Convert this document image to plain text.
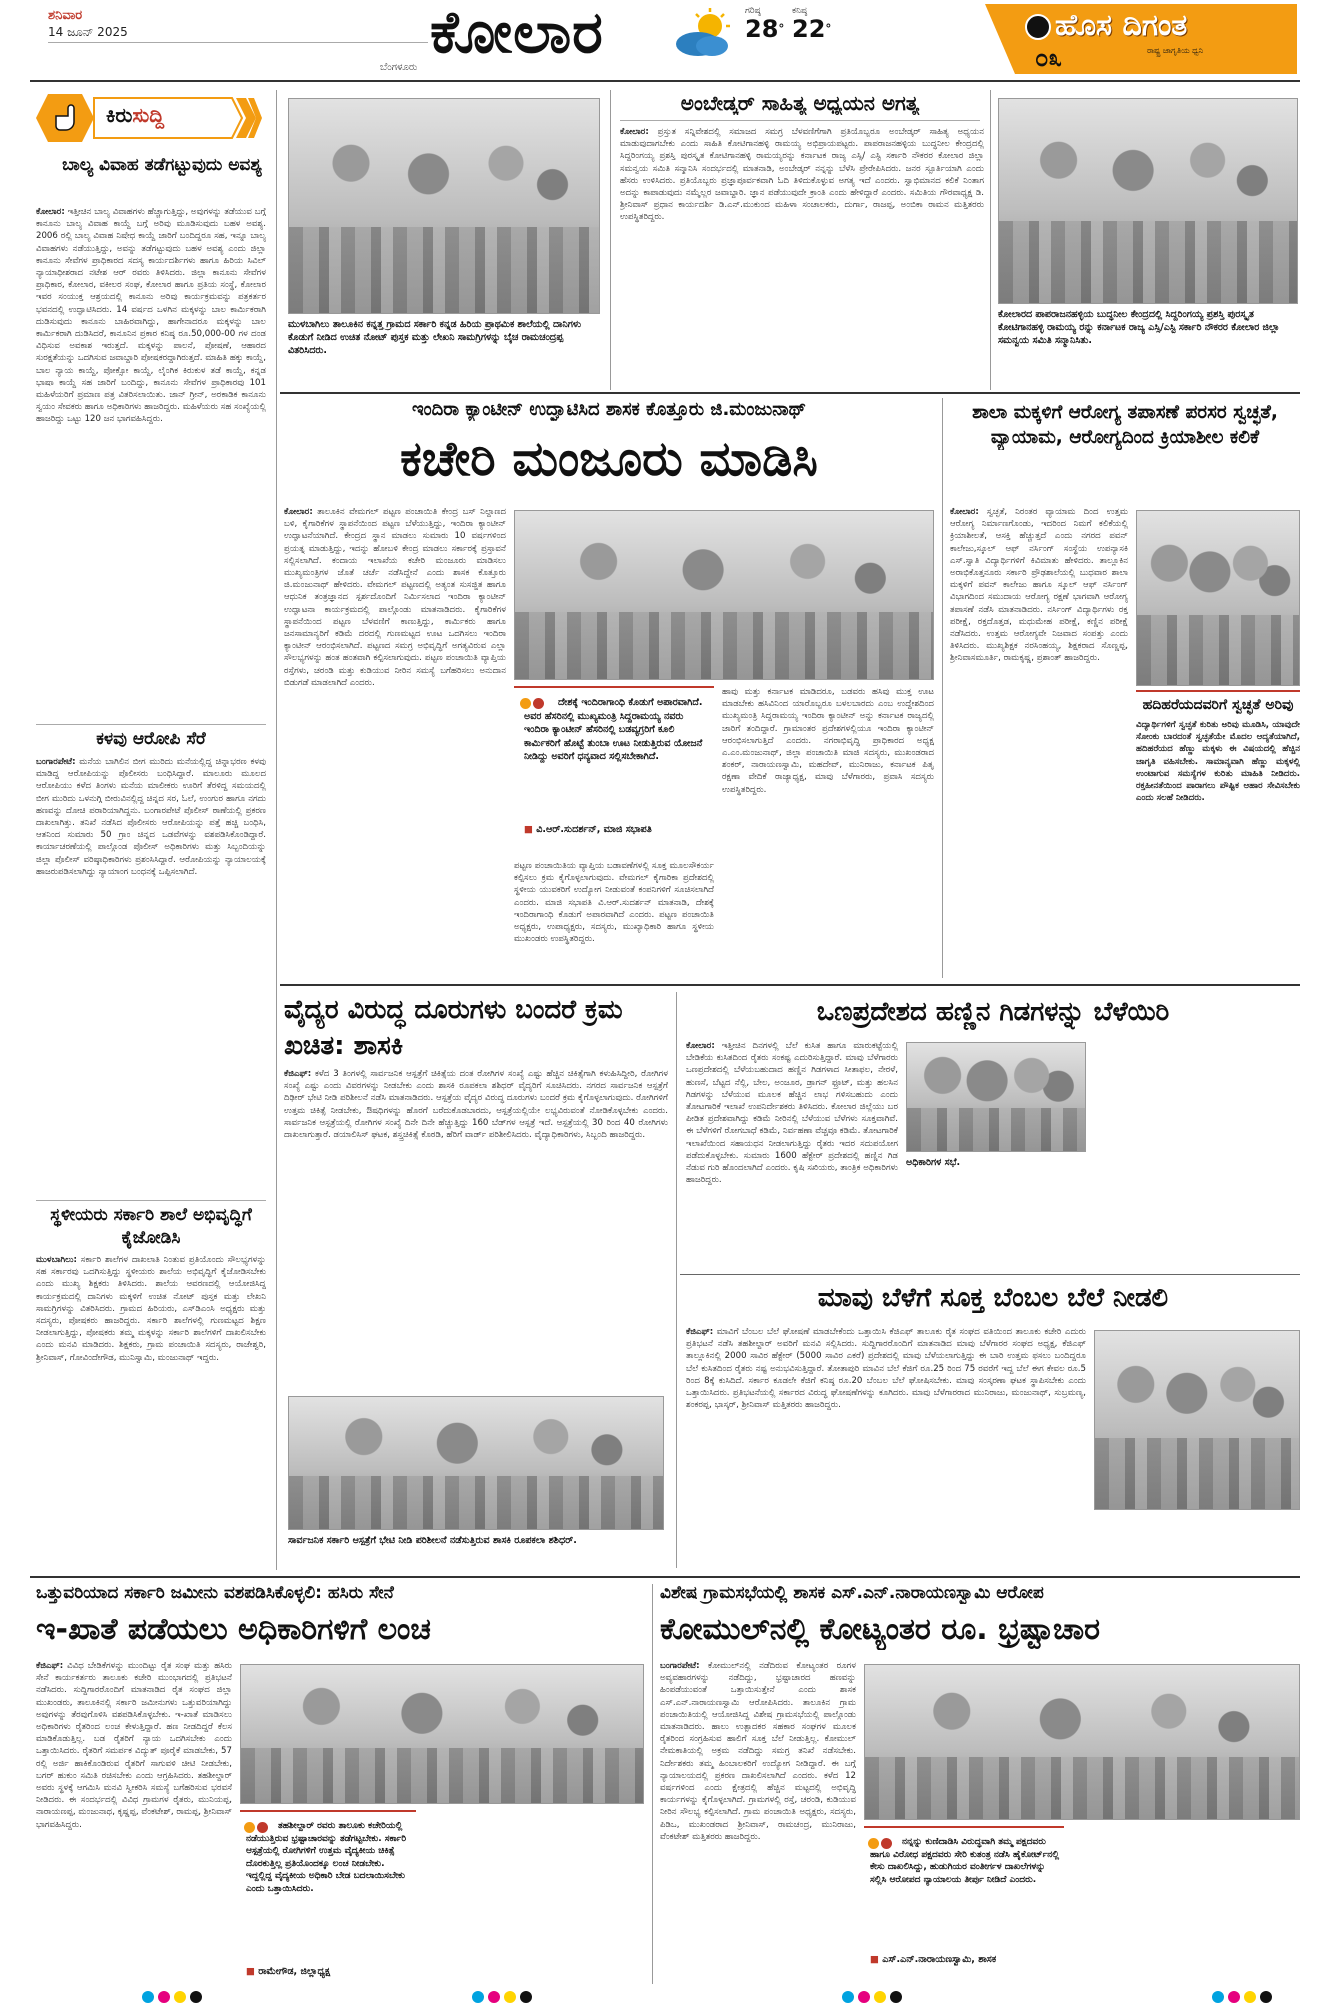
ಶನಿವಾರ
14 ಜೂನ್ 2025
ಬೆಂಗಳೂರು
ಕೋಲಾರ	ಗರಿಷ್ಠ
28°
ಕನಿಷ್ಠ
22°	ಹೊಸ ದಿಗಂತ
ರಾಷ್ಟ್ರ ಜಾಗೃತಿಯ ಧ್ವನಿ
೦೩
ಕಿರುಸುದ್ದಿ
ಬಾಲ್ಯ ವಿವಾಹ ತಡೆಗಟ್ಟುವುದು ಅವಶ್ಯ
ಕೋಲಾರ: ಇತ್ತೀಚಿನ ಬಾಲ್ಯ ವಿವಾಹಗಳು ಹೆಚ್ಚಾಗುತ್ತಿದ್ದು, ಅವುಗಳನ್ನು ತಡೆಯುವ ಬಗ್ಗೆ ಕಾನೂನು ಬಾಲ್ಯ ವಿವಾಹ ಕಾಯ್ದೆ ಬಗ್ಗೆ ಅರಿವು ಮೂಡಿಸುವುದು ಬಹಳ ಅವಶ್ಯ. 2006 ರಲ್ಲಿ ಬಾಲ್ಯ ವಿವಾಹ ನಿಷೇಧ ಕಾಯ್ದೆ ಜಾರಿಗೆ ಬಂದಿದ್ದರೂ ಸಹ, ಇನ್ನೂ ಬಾಲ್ಯ ವಿವಾಹಗಳು ನಡೆಯುತ್ತಿದ್ದು, ಅವನ್ನು ತಡೆಗಟ್ಟುವುದು ಬಹಳ ಅವಶ್ಯ ಎಂದು ಜಿಲ್ಲಾ ಕಾನೂನು ಸೇವೆಗಳ ಪ್ರಾಧಿಕಾರದ ಸದಸ್ಯ ಕಾರ್ಯದರ್ಶಿಗಳು ಹಾಗೂ ಹಿರಿಯ ಸಿವಿಲ್ ನ್ಯಾಯಾಧೀಶರಾದ ನಟೇಶ ಆರ್ ರವರು ತಿಳಿಸಿದರು. ಜಿಲ್ಲಾ ಕಾನೂನು ಸೇವೆಗಳ ಪ್ರಾಧಿಕಾರ, ಕೋಲಾರ, ವಕೀಲರ ಸಂಘ, ಕೋಲಾರ ಹಾಗೂ ಪ್ರತಿಯ ಸಂಸ್ಥೆ, ಕೋಲಾರ ಇವರ ಸಂಯುಕ್ತ ಆಶ್ರಯದಲ್ಲಿ ಕಾನೂನು ಅರಿವು ಕಾರ್ಯಕ್ರಮವನ್ನು ಪತ್ರಕರ್ತರ ಭವನದಲ್ಲಿ ಉದ್ಘಾಟಿಸಿದರು. 14 ವರ್ಷದ ಒಳಗಿನ ಮಕ್ಕಳನ್ನು ಬಾಲ ಕಾರ್ಮಿಕರಾಗಿ ದುಡಿಸುವುದು ಕಾನೂನು ಬಾಹಿರವಾಗಿದ್ದು, ಹಾಗೇನಾದರೂ ಮಕ್ಕಳನ್ನು ಬಾಲ ಕಾರ್ಮಿಕರಾಗಿ ದುಡಿಸಿದರೆ, ಕಾನೂನಿನ ಪ್ರಕಾರ ಕನಿಷ್ಠ ರೂ.50,000-00 ಗಳ ದಂಡ ವಿಧಿಸುವ ಅವಕಾಶ ಇರುತ್ತದೆ. ಮಕ್ಕಳನ್ನು ಪಾಲನೆ, ಪೋಷಣೆ, ಆಹಾರದ ಸುರಕ್ಷತೆಯನ್ನು ಒದಗಿಸುವ ಜವಾಬ್ದಾರಿ ಪೋಷಕರದ್ದಾಗಿರುತ್ತದೆ. ಮಾಹಿತಿ ಹಕ್ಕು ಕಾಯ್ದೆ, ಬಾಲ ನ್ಯಾಯ ಕಾಯ್ದೆ, ಪೋಕ್ಸೋ ಕಾಯ್ದೆ, ಲೈಂಗಿಕ ಕಿರುಕುಳ ತಡೆ ಕಾಯ್ದೆ, ಕನ್ನಡ ಭಾಷಾ ಕಾಯ್ದೆ ಸಹ ಜಾರಿಗೆ ಬಂದಿದ್ದು, ಕಾನೂನು ಸೇವೆಗಳ ಪ್ರಾಧಿಕಾರವು 101 ಮಹಿಳೆಯರಿಗೆ ಪ್ರಮಾಣ ಪತ್ರ ವಿತರಿಸಲಾಯಿತು. ಜಾನ್ ಗ್ರೀನ್, ಅರಕಾಡಿಕ ಕಾನೂನು ಸ್ವಯಂ ಸೇವಕರು ಹಾಗೂ ಅಧಿಕಾರಿಗಳು ಹಾಜರಿದ್ದರು. ಮಹಿಳೆಯರು ಸಹ ಸಂಖ್ಯೆಯಲ್ಲಿ ಹಾಜರಿದ್ದು ಒಟ್ಟು 120 ಜನ ಭಾಗವಹಿಸಿದ್ದರು.
ಕಳವು ಆರೋಪಿ ಸೆರೆ
ಬಂಗಾರಪೇಟೆ: ಮನೆಯ ಬಾಗಿಲಿನ ಬೀಗ ಮುರಿದು ಮನೆಯಲ್ಲಿದ್ದ ಚಿನ್ನಾಭರಣ ಕಳವು ಮಾಡಿದ್ದ ಆರೋಪಿಯನ್ನು ಪೊಲೀಸರು ಬಂಧಿಸಿದ್ದಾರೆ. ಮಾಲೂರು ಮೂಲದ ಆರೋಪಿಯು ಕಳೆದ ತಿಂಗಳು ಮನೆಯ ಮಾಲೀಕರು ಊರಿಗೆ ತೆರಳಿದ್ದ ಸಮಯದಲ್ಲಿ ಬೀಗ ಮುರಿದು ಒಳನುಗ್ಗಿ ಬೀರುವಿನಲ್ಲಿದ್ದ ಚಿನ್ನದ ಸರ, ಓಲೆ, ಉಂಗುರ ಹಾಗೂ ನಗದು ಹಣವನ್ನು ದೋಚಿ ಪರಾರಿಯಾಗಿದ್ದನು. ಬಂಗಾರಪೇಟೆ ಪೊಲೀಸ್ ಠಾಣೆಯಲ್ಲಿ ಪ್ರಕರಣ ದಾಖಲಾಗಿತ್ತು. ತನಿಖೆ ನಡೆಸಿದ ಪೊಲೀಸರು ಆರೋಪಿಯನ್ನು ಪತ್ತೆ ಹಚ್ಚಿ ಬಂಧಿಸಿ, ಆತನಿಂದ ಸುಮಾರು 50 ಗ್ರಾಂ ಚಿನ್ನದ ಒಡವೆಗಳನ್ನು ವಶಪಡಿಸಿಕೊಂಡಿದ್ದಾರೆ. ಕಾರ್ಯಾಚರಣೆಯಲ್ಲಿ ಪಾಲ್ಗೊಂಡ ಪೊಲೀಸ್ ಅಧಿಕಾರಿಗಳು ಮತ್ತು ಸಿಬ್ಬಂದಿಯನ್ನು ಜಿಲ್ಲಾ ಪೊಲೀಸ್ ವರಿಷ್ಠಾಧಿಕಾರಿಗಳು ಪ್ರಶಂಸಿಸಿದ್ದಾರೆ. ಆರೋಪಿಯನ್ನು ನ್ಯಾಯಾಲಯಕ್ಕೆ ಹಾಜರುಪಡಿಸಲಾಗಿದ್ದು ನ್ಯಾಯಾಂಗ ಬಂಧನಕ್ಕೆ ಒಪ್ಪಿಸಲಾಗಿದೆ.
ಸ್ಥಳೀಯರು ಸರ್ಕಾರಿ ಶಾಲೆ ಅಭಿವೃದ್ಧಿಗೆ ಕೈಜೋಡಿಸಿ
ಮುಳಬಾಗಿಲು: ಸರ್ಕಾರಿ ಶಾಲೆಗಳ ದಾಖಲಾತಿ ನಿಂತುವ ಪ್ರತಿಯೊಂದು ಸೌಲಭ್ಯಗಳನ್ನು ಸಹ ಸರ್ಕಾರವು ಒದಗಿಸುತ್ತಿದ್ದು ಸ್ಥಳೀಯರು ಶಾಲೆಯ ಅಭಿವೃದ್ಧಿಗೆ ಕೈಜೋಡಿಸಬೇಕು ಎಂದು ಮುಖ್ಯ ಶಿಕ್ಷಕರು ತಿಳಿಸಿದರು. ಶಾಲೆಯ ಆವರಣದಲ್ಲಿ ಆಯೋಜಿಸಿದ್ದ ಕಾರ್ಯಕ್ರಮದಲ್ಲಿ ದಾನಿಗಳು ಮಕ್ಕಳಿಗೆ ಉಚಿತ ನೋಟ್ ಪುಸ್ತಕ ಮತ್ತು ಲೇಖನಿ ಸಾಮಗ್ರಿಗಳನ್ನು ವಿತರಿಸಿದರು. ಗ್ರಾಮದ ಹಿರಿಯರು, ಎಸ್‌ಡಿಎಂಸಿ ಅಧ್ಯಕ್ಷರು ಮತ್ತು ಸದಸ್ಯರು, ಪೋಷಕರು ಹಾಜರಿದ್ದರು. ಸರ್ಕಾರಿ ಶಾಲೆಗಳಲ್ಲಿ ಗುಣಮಟ್ಟದ ಶಿಕ್ಷಣ ನೀಡಲಾಗುತ್ತಿದ್ದು, ಪೋಷಕರು ತಮ್ಮ ಮಕ್ಕಳನ್ನು ಸರ್ಕಾರಿ ಶಾಲೆಗಳಿಗೆ ದಾಖಲಿಸಬೇಕು ಎಂದು ಮನವಿ ಮಾಡಿದರು. ಶಿಕ್ಷಕರು, ಗ್ರಾಮ ಪಂಚಾಯಿತಿ ಸದಸ್ಯರು, ರಾಜೇಶ್ವರಿ, ಶ್ರೀನಿವಾಸ್, ಗೋವಿಂದೇಗೌಡ, ಮುನಿಸ್ವಾಮಿ, ಮಂಜುನಾಥ್ ಇದ್ದರು.
ಮುಳಬಾಗಿಲು ತಾಲೂಕಿನ ಕನ್ನತ್ತ ಗ್ರಾಮದ ಸರ್ಕಾರಿ ಕನ್ನಡ ಹಿರಿಯ ಪ್ರಾಥಮಿಕ ಶಾಲೆಯಲ್ಲಿ ದಾನಿಗಳು ಕೊಡುಗೆ ನೀಡಿದ ಉಚಿತ ನೋಟ್ ಪುಸ್ತಕ ಮತ್ತು ಲೇಖನಿ ಸಾಮಗ್ರಿಗಳನ್ನು ಬೈಚ ರಾಮಚಂದ್ರಪ್ಪ ವಿತರಿಸಿದರು.
ಅಂಬೇಡ್ಕರ್ ಸಾಹಿತ್ಯ ಅಧ್ಯಯನ ಅಗತ್ಯ
ಕೋಲಾರ: ಪ್ರಸ್ತುತ ಸನ್ನಿವೇಶದಲ್ಲಿ ಸಮಾಜದ ಸಮಗ್ರ ಬೆಳವಣಿಗೆಗಾಗಿ ಪ್ರತಿಯೊಬ್ಬರೂ ಅಂಬೇಡ್ಕರ್ ಸಾಹಿತ್ಯ ಅಧ್ಯಯನ ಮಾಡುವುದಾಗಬೇಕು ಎಂದು ಸಾಹಿತಿ ಕೋಟಿಗಾನಹಳ್ಳಿ ರಾಮಯ್ಯ ಅಭಿಪ್ರಾಯಪಟ್ಟರು. ಪಾಪರಾಜನಹಳ್ಳಿಯ ಬುದ್ಧನೀಲ ಕೇಂದ್ರದಲ್ಲಿ ಸಿದ್ದರಿಂಗಯ್ಯ ಪ್ರಶಸ್ತಿ ಪುರಸ್ಕೃತ ಕೋಟಿಗಾನಹಳ್ಳಿ ರಾಮಯ್ಯರನ್ನು ಕರ್ನಾಟಕ ರಾಜ್ಯ ಎಸ್ಸಿ/ ಎಸ್ಟಿ ಸರ್ಕಾರಿ ನೌಕರರ ಕೋಲಾರ ಜಿಲ್ಲಾ ಸಮನ್ವಯ ಸಮಿತಿ ಸನ್ಮಾನಿಸಿ ಸಂದರ್ಭದಲ್ಲಿ ಮಾತನಾಡಿ, ಅಂಬೇಡ್ಕರ್ ನನ್ನನ್ನು ಬೆಳೆಸಿ ಪ್ರೇರೇಪಿಸಿದರು. ಜನರ ಸ್ಪೂರ್ತಿಯಾಗಿ ಎಂದು ಹೆಸರು ಉಳಿಸಿದರು. ಪ್ರತಿಯೊಬ್ಬರು ಪ್ರಜ್ಞಾಪೂರ್ವಕವಾಗಿ ಓದಿ ತಿಳಿದುಕೊಳ್ಳುವ ಅಗತ್ಯ ಇದೆ ಎಂದರು. ಸ್ವಾಭಿಮಾನದ ಕಲಿಕೆ ನಿಂತಾಗ ಅದನ್ನು ಕಾಪಾಡುವುದು ನಮ್ಮೆಲ್ಲರ ಜವಾಬ್ದಾರಿ. ಜ್ಞಾನ ಪಡೆಯುವುದೇ ಕ್ರಾಂತಿ ಎಂದು ಹೇಳಿದ್ದಾರೆ ಎಂದರು. ಸಮಿತಿಯ ಗೌರವಾಧ್ಯಕ್ಷ ಡಿ. ಶ್ರೀನಿವಾಸ್ ಪ್ರಧಾನ ಕಾರ್ಯದರ್ಶಿ ಡಿ.ಎನ್.ಮುಕುಂದ ಮಹಿಳಾ ಸಂಚಾಲಕರು, ದುರ್ಗಾ, ರಾಜಪ್ಪ, ಅಂಬಿಕಾ ರಾಮನ ಮತ್ತಿತರರು ಉಪಸ್ಥಿತರಿದ್ದರು.
ಕೋಲಾರದ ಪಾಪರಾಜನಹಳ್ಳಿಯ ಬುದ್ಧನೀಲ ಕೇಂದ್ರದಲ್ಲಿ ಸಿದ್ದರಿಂಗಯ್ಯ ಪ್ರಶಸ್ತಿ ಪುರಸ್ಕೃತ ಕೋಟಿಗಾನಹಳ್ಳಿ ರಾಮಯ್ಯ ರನ್ನು ಕರ್ನಾಟಕ ರಾಜ್ಯ ಎಸ್ಸಿ/ಎಸ್ಟಿ ಸರ್ಕಾರಿ ನೌಕರರ ಕೋಲಾರ ಜಿಲ್ಲಾ ಸಮನ್ವಯ ಸಮಿತಿ ಸನ್ಮಾನಿಸಿತು.
ಇಂದಿರಾ ಕ್ಯಾಂಟೀನ್ ಉದ್ಘಾಟಿಸಿದ ಶಾಸಕ ಕೊತ್ತೂರು ಜಿ.ಮಂಜುನಾಥ್
ಕಚೇರಿ ಮಂಜೂರು ಮಾಡಿಸಿ
ಕೋಲಾರ: ತಾಲೂಕಿನ ವೇಮಗಲ್ ಪಟ್ಟಣ ಪಂಚಾಯಿತಿ ಕೇಂದ್ರ ಬಸ್ ನಿಲ್ದಾಣದ ಬಳಿ, ಕೈಗಾರಿಕೆಗಳ ಸ್ಥಾಪನೆಯಿಂದ ಪಟ್ಟಣ ಬೆಳೆಯುತ್ತಿದ್ದು, ಇಂದಿರಾ ಕ್ಯಾಂಟೀನ್ ಉದ್ಘಾಟನೆಯಾಗಿದೆ. ಕೇಂದ್ರದ ಸ್ಥಾನ ಮಾಡಲು ಸುಮಾರು 10 ವರ್ಷಗಳಿಂದ ಪ್ರಯತ್ನ ಮಾಡುತ್ತಿದ್ದು, ಇದನ್ನು ಹೋಬಳಿ ಕೇಂದ್ರ ಮಾಡಲು ಸರ್ಕಾರಕ್ಕೆ ಪ್ರಸ್ತಾವನೆ ಸಲ್ಲಿಸಲಾಗಿದೆ. ಕಂದಾಯ ಇಲಾಖೆಯ ಕಚೇರಿ ಮಂಜೂರು ಮಾಡಿಸಲು ಮುಖ್ಯಮಂತ್ರಿಗಳ ಜೊತೆ ಚರ್ಚೆ ನಡೆಸಿದ್ದೇನೆ ಎಂದು ಶಾಸಕ ಕೊತ್ತೂರು ಜಿ.ಮಂಜುನಾಥ್ ಹೇಳಿದರು. ವೇಮಗಲ್ ಪಟ್ಟಣದಲ್ಲಿ ಅತ್ಯಂತ ಸುಸಜ್ಜಿತ ಹಾಗೂ ಆಧುನಿಕ ತಂತ್ರಜ್ಞಾನದ ಸ್ಪರ್ಶದೊಂದಿಗೆ ನಿರ್ಮಿಸಲಾದ ಇಂದಿರಾ ಕ್ಯಾಂಟೀನ್ ಉದ್ಘಾಟನಾ ಕಾರ್ಯಕ್ರಮದಲ್ಲಿ ಪಾಲ್ಗೊಂಡು ಮಾತನಾಡಿದರು. ಕೈಗಾರಿಕೆಗಳ ಸ್ಥಾಪನೆಯಿಂದ ಪಟ್ಟಣ ಬೆಳವಣಿಗೆ ಕಾಣುತ್ತಿದ್ದು, ಕಾರ್ಮಿಕರು ಹಾಗೂ ಜನಸಾಮಾನ್ಯರಿಗೆ ಕಡಿಮೆ ದರದಲ್ಲಿ ಗುಣಮಟ್ಟದ ಊಟ ಒದಗಿಸಲು ಇಂದಿರಾ ಕ್ಯಾಂಟೀನ್ ಆರಂಭಿಸಲಾಗಿದೆ. ಪಟ್ಟಣದ ಸಮಗ್ರ ಅಭಿವೃದ್ಧಿಗೆ ಅಗತ್ಯವಿರುವ ಎಲ್ಲಾ ಸೌಲಭ್ಯಗಳನ್ನು ಹಂತ ಹಂತವಾಗಿ ಕಲ್ಪಿಸಲಾಗುವುದು. ಪಟ್ಟಣ ಪಂಚಾಯಿತಿ ವ್ಯಾಪ್ತಿಯ ರಸ್ತೆಗಳು, ಚರಂಡಿ ಮತ್ತು ಕುಡಿಯುವ ನೀರಿನ ಸಮಸ್ಯೆ ಬಗೆಹರಿಸಲು ಅನುದಾನ ಬಿಡುಗಡೆ ಮಾಡಲಾಗಿದೆ ಎಂದರು.
ಪಟ್ಟಣ ಪಂಚಾಯಿತಿಯ ವ್ಯಾಪ್ತಿಯ ಬಡಾವಣೆಗಳಲ್ಲಿ ಸೂಕ್ತ ಮೂಲಸೌಕರ್ಯ ಕಲ್ಪಿಸಲು ಕ್ರಮ ಕೈಗೊಳ್ಳಲಾಗುವುದು. ವೇಮಗಲ್ ಕೈಗಾರಿಕಾ ಪ್ರದೇಶದಲ್ಲಿ ಸ್ಥಳೀಯ ಯುವಕರಿಗೆ ಉದ್ಯೋಗ ನೀಡುವಂತೆ ಕಂಪನಿಗಳಿಗೆ ಸೂಚಿಸಲಾಗಿದೆ ಎಂದರು. ಮಾಜಿ ಸಭಾಪತಿ ವಿ.ಆರ್.ಸುದರ್ಶನ್ ಮಾತನಾಡಿ, ದೇಶಕ್ಕೆ ಇಂದಿರಾಗಾಂಧಿ ಕೊಡುಗೆ ಅಪಾರವಾಗಿದೆ ಎಂದರು. ಪಟ್ಟಣ ಪಂಚಾಯಿತಿ ಅಧ್ಯಕ್ಷರು, ಉಪಾಧ್ಯಕ್ಷರು, ಸದಸ್ಯರು, ಮುಖ್ಯಾಧಿಕಾರಿ ಹಾಗೂ ಸ್ಥಳೀಯ ಮುಖಂಡರು ಉಪಸ್ಥಿತರಿದ್ದರು.
ದೇಶಕ್ಕೆ ಇಂದಿರಾಗಾಂಧಿ ಕೊಡುಗೆ ಅಪಾರವಾಗಿದೆ. ಅವರ ಹೆಸರಿನಲ್ಲಿ ಮುಖ್ಯಮಂತ್ರಿ ಸಿದ್ದರಾಮಯ್ಯ ನವರು ಇಂದಿರಾ ಕ್ಯಾಂಟೀನ್ ಹೆಸರಿನಲ್ಲಿ ಬಡವ್ಯಗ್ರರಿಗೆ ಕೂಲಿ ಕಾರ್ಮಿಕರಿಗೆ ಹೊಟ್ಟೆ ತುಂಬಾ ಊಟ ನೀಡುತ್ತಿರುವ ಯೋಜನೆ ನೀಡಿದ್ದು ಅವರಿಗೆ ಧನ್ಯವಾದ ಸಲ್ಲಿಸಬೇಕಾಗಿದೆ.
■ ವಿ.ಆರ್.ಸುದರ್ಶನ್, ಮಾಜಿ ಸಭಾಪತಿ
ಹಾವು ಮತ್ತು ಕರ್ನಾಟಕ ಮಾಡಿದರೂ, ಬಡವರು ಹಸಿವು ಮುಕ್ತ ಊಟ ಮಾಡಬೇಕು ಹಸಿವಿನಿಂದ ಯಾರೊಬ್ಬರೂ ಬಳಲಬಾರದು ಎಂಬ ಉದ್ದೇಶದಿಂದ ಮುಖ್ಯಮಂತ್ರಿ ಸಿದ್ದರಾಮಯ್ಯ ಇಂದಿರಾ ಕ್ಯಾಂಟೀನ್ ಅನ್ನು ಕರ್ನಾಟಕ ರಾಜ್ಯದಲ್ಲಿ ಜಾರಿಗೆ ತಂದಿದ್ದಾರೆ. ಗ್ರಾಮಾಂತರ ಪ್ರದೇಶಗಳಲ್ಲಿಯೂ ಇಂದಿರಾ ಕ್ಯಾಂಟೀನ್ ಆರಂಭಿಸಲಾಗುತ್ತಿದೆ ಎಂದರು. ನಗರಾಭಿವೃದ್ಧಿ ಪ್ರಾಧಿಕಾರದ ಅಧ್ಯಕ್ಷ ಎ.ಎಂ.ಮಂಜುನಾಥ್, ಜಿಲ್ಲಾ ಪಂಚಾಯಿತಿ ಮಾಜಿ ಸದಸ್ಯರು, ಮುಖಂಡರಾದ ಶಂಕರ್, ನಾರಾಯಣಸ್ವಾಮಿ, ಮಹದೇವ್, ಮುನಿರಾಜು, ಕರ್ನಾಟಕ ಪಿತೃ ರಕ್ಷಣಾ ವೇದಿಕೆ ರಾಜ್ಯಾಧ್ಯಕ್ಷ, ಮಾವು ಬೆಳೆಗಾರರು, ಪ್ರವಾಸಿ ಸದಸ್ಯರು ಉಪಸ್ಥಿತರಿದ್ದರು.
ಶಾಲಾ ಮಕ್ಕಳಿಗೆ ಆರೋಗ್ಯ ತಪಾಸಣೆ ಪರಸರ ಸ್ವಚ್ಛತೆ, ವ್ಯಾಯಾಮ, ಆರೋಗ್ಯದಿಂದ ಕ್ರಿಯಾಶೀಲ ಕಲಿಕೆ
ಕೋಲಾರ: ಸ್ವಚ್ಛತೆ, ನಿರಂತರ ವ್ಯಾಯಾಮ ದಿಂದ ಉತ್ತಮ ಆರೋಗ್ಯ ನಿರ್ಮಾಣಗೊಂಡು, ಇದರಿಂದ ನಿಮಗೆ ಕಲಿಕೆಯಲ್ಲಿ ಕ್ರಿಯಾಶೀಲತೆ, ಆಸಕ್ತಿ ಹೆಚ್ಚುತ್ತದೆ ಎಂದು ನಗರದ ಪವನ್ ಕಾಲೇಜು,ಸ್ಕೂಲ್ ಆಫ್ ನರ್ಸಿಂಗ್ ಸಂಸ್ಥೆಯ ಉಪನ್ಯಾಸಕಿ ಎಸ್.ಸ್ವಾತಿ ವಿದ್ಯಾರ್ಥಿಗಳಿಗೆ ಕಿವಿಮಾತು ಹೇಳಿದರು. ತಾಲ್ಲೂಕಿನ ಅರಾಭಿಕೊತ್ತನೂರು ಸರ್ಕಾರಿ ಪ್ರೌಢಶಾಲೆಯಲ್ಲಿ ಬುಧವಾರ ಶಾಲಾ ಮಕ್ಕಳಿಗೆ ಪವನ್ ಕಾಲೇಜು ಹಾಗೂ ಸ್ಕೂಲ್ ಆಫ್ ನರ್ಸಿಂಗ್ ವಿಭಾಗದಿಂದ ಸಮುದಾಯ ಆರೋಗ್ಯ ರಕ್ಷಣೆ ಭಾಗವಾಗಿ ಆರೋಗ್ಯ ತಪಾಸಣೆ ನಡೆಸಿ ಮಾತನಾಡಿದರು. ನರ್ಸಿಂಗ್ ವಿದ್ಯಾರ್ಥಿಗಳು ರಕ್ತ ಪರೀಕ್ಷೆ, ರಕ್ತದೊತ್ತಡ, ಮಧುಮೇಹ ಪರೀಕ್ಷೆ, ಕಣ್ಣಿನ ಪರೀಕ್ಷೆ ನಡೆಸಿದರು. ಉತ್ತಮ ಆರೋಗ್ಯವೇ ನಿಜವಾದ ಸಂಪತ್ತು ಎಂದು ತಿಳಿಸಿದರು. ಮುಖ್ಯಶಿಕ್ಷಕ ನರಸಿಂಹಯ್ಯ, ಶಿಕ್ಷಕರಾದ ಸೊಣ್ಣಪ್ಪ, ಶ್ರೀನಿವಾಸಮೂರ್ತಿ, ರಾಮಕೃಷ್ಣ, ಪ್ರಶಾಂತ್ ಹಾಜರಿದ್ದರು.
ಹದಿಹರೆಯದವರಿಗೆ ಸ್ವಚ್ಛತೆ ಅರಿವು
ವಿದ್ಯಾರ್ಥಿಗಳಿಗೆ ಸ್ವಚ್ಛತೆ ಕುರಿತು ಅರಿವು ಮೂಡಿಸಿ, ಯಾವುದೇ ಸೋಂಕು ಬಾರದಂತೆ ಸ್ವಚ್ಛತೆಯೇ ಮೊದಲ ಆದ್ಯತೆಯಾಗಿದೆ, ಹದಿಹರೆಯದ ಹೆಣ್ಣು ಮಕ್ಕಳು ಈ ವಿಷಯದಲ್ಲಿ ಹೆಚ್ಚಿನ ಜಾಗೃತಿ ವಹಿಸಬೇಕು. ಸಾಮಾನ್ಯವಾಗಿ ಹೆಣ್ಣು ಮಕ್ಕಳಲ್ಲಿ ಉಂಟಾಗುವ ಸಮಸ್ಯೆಗಳ ಕುರಿತು ಮಾಹಿತಿ ನೀಡಿದರು. ರಕ್ತಹೀನತೆಯಿಂದ ಪಾರಾಗಲು ಪೌಷ್ಟಿಕ ಆಹಾರ ಸೇವಿಸಬೇಕು ಎಂದು ಸಲಹೆ ನೀಡಿದರು.
ವೈದ್ಯರ ವಿರುದ್ಧ ದೂರುಗಳು ಬಂದರೆ ಕ್ರಮ ಖಚಿತ: ಶಾಸಕಿ
ಕೆಜಿಎಫ್: ಕಳೆದ 3 ತಿಂಗಳಲ್ಲಿ ಸಾರ್ವಜನಿಕ ಆಸ್ಪತ್ರೆಗೆ ಚಿಕಿತ್ಸೆಯ ದಂತ ರೋಗಿಗಳ ಸಂಖ್ಯೆ ಎಷ್ಟು ಹೆಚ್ಚಿನ ಚಿಕಿತ್ಸೆಗಾಗಿ ಕಳುಹಿಸಿದ್ದೀರಿ, ರೋಗಿಗಳ ಸಂಖ್ಯೆ ಎಷ್ಟು ಎಂದು ವಿವರಗಳನ್ನು ನೀಡಬೇಕು ಎಂದು ಶಾಸಕಿ ರೂಪಕಲಾ ಶಶಿಧರ್ ವೈದ್ಯರಿಗೆ ಸೂಚಿಸಿದರು. ನಗರದ ಸಾರ್ವಜನಿಕ ಆಸ್ಪತ್ರೆಗೆ ದಿಢೀರ್ ಭೇಟಿ ನೀಡಿ ಪರಿಶೀಲನೆ ನಡೆಸಿ ಮಾತನಾಡಿದರು. ಆಸ್ಪತ್ರೆಯ ವೈದ್ಯರ ವಿರುದ್ಧ ದೂರುಗಳು ಬಂದರೆ ಕ್ರಮ ಕೈಗೊಳ್ಳಲಾಗುವುದು. ರೋಗಿಗಳಿಗೆ ಉತ್ತಮ ಚಿಕಿತ್ಸೆ ನೀಡಬೇಕು, ಔಷಧಿಗಳನ್ನು ಹೊರಗೆ ಬರೆದುಕೊಡಬಾರದು, ಆಸ್ಪತ್ರೆಯಲ್ಲಿಯೇ ಲಭ್ಯವಿರುವಂತೆ ನೋಡಿಕೊಳ್ಳಬೇಕು ಎಂದರು. ಸಾರ್ವಜನಿಕ ಆಸ್ಪತ್ರೆಯಲ್ಲಿ ರೋಗಿಗಳ ಸಂಖ್ಯೆ ದಿನೇ ದಿನೇ ಹೆಚ್ಚುತ್ತಿದ್ದು 160 ಬೆಡ್‌ಗಳ ಆಸ್ಪತ್ರೆ ಇದೆ. ಆಸ್ಪತ್ರೆಯಲ್ಲಿ 30 ರಿಂದ 40 ರೋಗಿಗಳು ದಾಖಲಾಗುತ್ತಾರೆ. ಡಯಾಲಿಸಿಸ್ ಘಟಕ, ಶಸ್ತ್ರಚಿಕಿತ್ಸೆ ಕೊಠಡಿ, ಹೆರಿಗೆ ವಾರ್ಡ್ ಪರಿಶೀಲಿಸಿದರು. ವೈದ್ಯಾಧಿಕಾರಿಗಳು, ಸಿಬ್ಬಂದಿ ಹಾಜರಿದ್ದರು.
ಸಾರ್ವಜನಿಕ ಸರ್ಕಾರಿ ಆಸ್ಪತ್ರೆಗೆ ಭೇಟಿ ನೀಡಿ ಪರಿಶೀಲನೆ ನಡೆಸುತ್ತಿರುವ ಶಾಸಕಿ ರೂಪಕಲಾ ಶಶಿಧರ್.
ಒಣಪ್ರದೇಶದ ಹಣ್ಣಿನ ಗಿಡಗಳನ್ನು ಬೆಳೆಯಿರಿ
ಕೋಲಾರ: ಇತ್ತೀಚಿನ ದಿನಗಳಲ್ಲಿ ಬೆಲೆ ಕುಸಿತ ಹಾಗೂ ಮಾರುಕಟ್ಟೆಯಲ್ಲಿ ಬೇಡಿಕೆಯ ಕುಸಿತದಿಂದ ರೈತರು ಸಂಕಷ್ಟ ಎದುರಿಸುತ್ತಿದ್ದಾರೆ. ಮಾವು ಬೆಳೆಗಾರರು ಒಣಪ್ರದೇಶದಲ್ಲಿ ಬೆಳೆಯಬಹುದಾದ ಹಣ್ಣಿನ ಗಿಡಗಳಾದ ಸೀತಾಫಲ, ನೇರಳೆ, ಹುಣಸೆ, ಬೆಟ್ಟದ ನೆಲ್ಲಿ, ಬೇಲ, ಅಂಜೂರ, ಡ್ರಾಗನ್ ಫ್ರೂಟ್, ಮತ್ತು ಹಲಸಿನ ಗಿಡಗಳನ್ನು ಬೆಳೆಯುವ ಮೂಲಕ ಹೆಚ್ಚಿನ ಲಾಭ ಗಳಿಸಬಹುದು ಎಂದು ತೋಟಗಾರಿಕೆ ಇಲಾಖೆ ಉಪನಿರ್ದೇಶಕರು ತಿಳಿಸಿದರು. ಕೋಲಾರ ಜಿಲ್ಲೆಯು ಬರ ಪೀಡಿತ ಪ್ರದೇಶವಾಗಿದ್ದು ಕಡಿಮೆ ನೀರಿನಲ್ಲಿ ಬೆಳೆಯುವ ಬೆಳೆಗಳು ಸೂಕ್ತವಾಗಿವೆ. ಈ ಬೆಳೆಗಳಿಗೆ ರೋಗಬಾಧೆ ಕಡಿಮೆ, ನಿರ್ವಹಣಾ ವೆಚ್ಚವೂ ಕಡಿಮೆ. ತೋಟಗಾರಿಕೆ ಇಲಾಖೆಯಿಂದ ಸಹಾಯಧನ ನೀಡಲಾಗುತ್ತಿದ್ದು ರೈತರು ಇದರ ಸದುಪಯೋಗ ಪಡೆದುಕೊಳ್ಳಬೇಕು. ಸುಮಾರು 1600 ಹೆಕ್ಟೇರ್ ಪ್ರದೇಶದಲ್ಲಿ ಹಣ್ಣಿನ ಗಿಡ ನೆಡುವ ಗುರಿ ಹೊಂದಲಾಗಿದೆ ಎಂದರು. ಕೃಷಿ ಸಖಿಯರು, ತಾಂತ್ರಿಕ ಅಧಿಕಾರಿಗಳು ಹಾಜರಿದ್ದರು.
ಅಧಿಕಾರಿಗಳ ಸಭೆ.
ಮಾವು ಬೆಳೆಗೆ ಸೂಕ್ತ ಬೆಂಬಲ ಬೆಲೆ ನೀಡಲಿ
ಕೆಜಿಎಫ್: ಮಾವಿಗೆ ಬೆಂಬಲ ಬೆಲೆ ಘೋಷಣೆ ಮಾಡಬೇಕೆಂದು ಒತ್ತಾಯಿಸಿ ಕೆಜಿಎಫ್ ತಾಲೂಕು ರೈತ ಸಂಘದ ವತಿಯಿಂದ ತಾಲೂಕು ಕಚೇರಿ ಎದುರು ಪ್ರತಿಭಟನೆ ನಡೆಸಿ ತಹಶೀಲ್ದಾರ್ ಅವರಿಗೆ ಮನವಿ ಸಲ್ಲಿಸಿದರು. ಸುದ್ದಿಗಾರರೊಂದಿಗೆ ಮಾತನಾಡಿದ ಮಾವು ಬೆಳೆಗಾರರ ಸಂಘದ ಅಧ್ಯಕ್ಷ, ಕೆಜಿಎಫ್ ತಾಲ್ಲೂಕಿನಲ್ಲಿ 2000 ಸಾವಿರ ಹೆಕ್ಟೇರ್ (5000 ಸಾವಿರ ಎಕರೆ) ಪ್ರದೇಶದಲ್ಲಿ ಮಾವು ಬೆಳೆಯಲಾಗುತ್ತಿದ್ದು ಈ ಬಾರಿ ಉತ್ತಮ ಫಸಲು ಬಂದಿದ್ದರೂ ಬೆಲೆ ಕುಸಿತದಿಂದ ರೈತರು ನಷ್ಟ ಅನುಭವಿಸುತ್ತಿದ್ದಾರೆ. ತೋತಾಪುರಿ ಮಾವಿನ ಬೆಲೆ ಕೆಜಿಗೆ ರೂ.25 ರಿಂದ 75 ರವರೆಗೆ ಇದ್ದ ಬೆಲೆ ಈಗ ಕೇವಲ ರೂ.5 ರಿಂದ 8ಕ್ಕೆ ಕುಸಿದಿದೆ. ಸರ್ಕಾರ ಕೂಡಲೇ ಕೆಜಿಗೆ ಕನಿಷ್ಠ ರೂ.20 ಬೆಂಬಲ ಬೆಲೆ ಘೋಷಿಸಬೇಕು. ಮಾವು ಸಂಸ್ಕರಣಾ ಘಟಕ ಸ್ಥಾಪಿಸಬೇಕು ಎಂದು ಒತ್ತಾಯಿಸಿದರು. ಪ್ರತಿಭಟನೆಯಲ್ಲಿ ಸರ್ಕಾರದ ವಿರುದ್ಧ ಘೋಷಣೆಗಳನ್ನು ಕೂಗಿದರು. ಮಾವು ಬೆಳೆಗಾರರಾದ ಮುನಿರಾಜು, ಮಂಜುನಾಥ್, ಸುಬ್ರಮಣ್ಯ, ಶಂಕರಪ್ಪ, ಭಾಸ್ಕರ್, ಶ್ರೀನಿವಾಸ್ ಮತ್ತಿತರರು ಹಾಜರಿದ್ದರು.
ಒತ್ತುವರಿಯಾದ ಸರ್ಕಾರಿ ಜಮೀನು ವಶಪಡಿಸಿಕೊಳ್ಳಲಿ: ಹಸಿರು ಸೇನೆ
ಇ-ಖಾತೆ ಪಡೆಯಲು ಅಧಿಕಾರಿಗಳಿಗೆ ಲಂಚ
ಕೆಜಿಎಫ್: ವಿವಿಧ ಬೇಡಿಕೆಗಳನ್ನು ಮುಂದಿಟ್ಟು ರೈತ ಸಂಘ ಮತ್ತು ಹಸಿರು ಸೇನೆ ಕಾರ್ಯಕರ್ತರು ತಾಲೂಕು ಕಚೇರಿ ಮುಂಭಾಗದಲ್ಲಿ ಪ್ರತಿಭಟನೆ ನಡೆಸಿದರು. ಸುದ್ದಿಗಾರರೊಂದಿಗೆ ಮಾತನಾಡಿದ ರೈತ ಸಂಘದ ಜಿಲ್ಲಾ ಮುಖಂಡರು, ತಾಲೂಕಿನಲ್ಲಿ ಸರ್ಕಾರಿ ಜಮೀನುಗಳು ಒತ್ತುವರಿಯಾಗಿದ್ದು ಅವುಗಳನ್ನು ತೆರವುಗೊಳಿಸಿ ವಶಪಡಿಸಿಕೊಳ್ಳಬೇಕು. ಇ-ಖಾತೆ ಮಾಡಿಸಲು ಅಧಿಕಾರಿಗಳು ರೈತರಿಂದ ಲಂಚ ಕೇಳುತ್ತಿದ್ದಾರೆ. ಹಣ ನೀಡದಿದ್ದರೆ ಕೆಲಸ ಮಾಡಿಕೊಡುತ್ತಿಲ್ಲ. ಬಡ ರೈತರಿಗೆ ನ್ಯಾಯ ಒದಗಿಸಬೇಕು ಎಂದು ಒತ್ತಾಯಿಸಿದರು. ರೈತರಿಗೆ ಸಮರ್ಪಕ ವಿದ್ಯುತ್ ಪೂರೈಕೆ ಮಾಡಬೇಕು, 57 ರಲ್ಲಿ ಅರ್ಜಿ ಹಾಕಿಕೊಂಡಿರುವ ರೈತರಿಗೆ ಸಾಗುವಳಿ ಚೀಟಿ ನೀಡಬೇಕು, ಬಗರ್ ಹುಕುಂ ಸಮಿತಿ ರಚಿಸಬೇಕು ಎಂದು ಆಗ್ರಹಿಸಿದರು. ತಹಶೀಲ್ದಾರ್ ಅವರು ಸ್ಥಳಕ್ಕೆ ಆಗಮಿಸಿ ಮನವಿ ಸ್ವೀಕರಿಸಿ ಸಮಸ್ಯೆ ಬಗೆಹರಿಸುವ ಭರವಸೆ ನೀಡಿದರು. ಈ ಸಂದರ್ಭದಲ್ಲಿ ವಿವಿಧ ಗ್ರಾಮಗಳ ರೈತರು, ಮುನಿಯಪ್ಪ, ನಾರಾಯಣಪ್ಪ, ಮಂಜುನಾಥ, ಕೃಷ್ಣಪ್ಪ, ವೆಂಕಟೇಶ್, ರಾಮಪ್ಪ, ಶ್ರೀನಿವಾಸ್ ಭಾಗವಹಿಸಿದ್ದರು.	ತಹಶೀಲ್ದಾರ್ ರವರು ತಾಲೂಕು ಕಚೇರಿಯಲ್ಲಿ ನಡೆಯುತ್ತಿರುವ ಭ್ರಷ್ಟಾಚಾರವನ್ನು ತಡೆಗಟ್ಟಬೇಕು. ಸರ್ಕಾರಿ ಆಸ್ಪತ್ರೆಯಲ್ಲಿ ರೋಗಿಗಳಿಗೆ ಉತ್ತಮ ವೈದ್ಯಕೀಯ ಚಿಕಿತ್ಸೆ ದೊರಕುತ್ತಿಲ್ಲ ಪ್ರತಿಯೊಂದಕ್ಕೂ ಲಂಚ ನೀಡಬೇಕು. ಇದ್ದಲ್ಲಿದ್ದ ವೈದ್ಯಕೀಯ ಅಧಿಕಾರಿ ಬೇಡ ಬದಲಾಯಿಸಬೇಕು ಎಂದು ಒತ್ತಾಯಿಸಿದರು.
■ ರಾಮೇಗೌಡ, ಜಿಲ್ಲಾಧ್ಯಕ್ಷ
ವಿಶೇಷ ಗ್ರಾಮಸಭೆಯಲ್ಲಿ ಶಾಸಕ ಎಸ್.ಎನ್.ನಾರಾಯಣಸ್ವಾಮಿ ಆರೋಪ
ಕೋಮುಲ್‌ನಲ್ಲಿ ಕೋಟ್ಯಂತರ ರೂ. ಭ್ರಷ್ಟಾಚಾರ
ಬಂಗಾರಪೇಟೆ: ಕೋಮುಲ್‌ನಲ್ಲಿ ನಡೆದಿರುವ ಕೋಟ್ಯಂತರ ರೂಗಳ ಅವ್ಯವಹಾರಗಳನ್ನು ನಡೆದಿದ್ದು, ಭ್ರಷ್ಟಾಚಾರದ ಹಣವನ್ನು ಹಿಂಪಡೆಯುವಂತೆ ಒತ್ತಾಯಿಸುತ್ತೇನೆ ಎಂದು ಶಾಸಕ ಎಸ್.ಎನ್.ನಾರಾಯಣಸ್ವಾಮಿ ಆರೋಪಿಸಿದರು. ತಾಲೂಕಿನ ಗ್ರಾಮ ಪಂಚಾಯಿತಿಯಲ್ಲಿ ಆಯೋಜಿಸಿದ್ದ ವಿಶೇಷ ಗ್ರಾಮಸಭೆಯಲ್ಲಿ ಪಾಲ್ಗೊಂಡು ಮಾತನಾಡಿದರು. ಹಾಲು ಉತ್ಪಾದಕರ ಸಹಕಾರ ಸಂಘಗಳ ಮೂಲಕ ರೈತರಿಂದ ಸಂಗ್ರಹಿಸುವ ಹಾಲಿಗೆ ಸೂಕ್ತ ಬೆಲೆ ನೀಡುತ್ತಿಲ್ಲ. ಕೋಮುಲ್ ನೇಮಕಾತಿಯಲ್ಲಿ ಅಕ್ರಮ ನಡೆದಿದ್ದು ಸಮಗ್ರ ತನಿಖೆ ನಡೆಸಬೇಕು. ನಿರ್ದೇಶಕರು ತಮ್ಮ ಹಿಂಬಾಲಕರಿಗೆ ಉದ್ಯೋಗ ನೀಡಿದ್ದಾರೆ. ಈ ಬಗ್ಗೆ ನ್ಯಾಯಾಲಯದಲ್ಲಿ ಪ್ರಕರಣ ದಾಖಲಿಸಲಾಗಿದೆ ಎಂದರು. ಕಳೆದ 12 ವರ್ಷಗಳಿಂದ ಎಂದು ಕ್ಷೇತ್ರದಲ್ಲಿ ಹೆಚ್ಚಿನ ಮಟ್ಟದಲ್ಲಿ ಅಭಿವೃದ್ಧಿ ಕಾರ್ಯಗಳನ್ನು ಕೈಗೊಳ್ಳಲಾಗಿದೆ. ಗ್ರಾಮಗಳಲ್ಲಿ ರಸ್ತೆ, ಚರಂಡಿ, ಕುಡಿಯುವ ನೀರಿನ ಸೌಲಭ್ಯ ಕಲ್ಪಿಸಲಾಗಿದೆ. ಗ್ರಾಮ ಪಂಚಾಯಿತಿ ಅಧ್ಯಕ್ಷರು, ಸದಸ್ಯರು, ಪಿಡಿಒ, ಮುಖಂಡರಾದ ಶ್ರೀನಿವಾಸ್, ರಾಮಚಂದ್ರ, ಮುನಿರಾಜು, ವೆಂಕಟೇಶ್ ಮತ್ತಿತರರು ಹಾಜರಿದ್ದರು.
ನನ್ನನ್ನು ಕುಣಿದಾಡಿಸಿ ವಿರುದ್ಧವಾಗಿ ತಮ್ಮ ಪಕ್ಷದವರು ಹಾಗೂ ವಿರೋಧ ಪಕ್ಷದವರು ಸೇರಿ ಕುತಂತ್ರ ನಡೆಸಿ ಹೈಕೋರ್ಟ್‌ನಲ್ಲಿ ಕೇಸು ದಾಖಲಿಸಿದ್ದು, ಹುಡುಗಿಯರ ವಂತೀರ್ಗಳ ದಾಖಲೆಗಳನ್ನು ಸಲ್ಲಿಸಿ ಆರೋಪದ ನ್ಯಾಯಾಲಯ ತೀರ್ಪು ನೀಡಿದೆ ಎಂದರು.
■ ಎಸ್.ಎನ್.ನಾರಾಯಣಸ್ವಾಮಿ, ಶಾಸಕ
